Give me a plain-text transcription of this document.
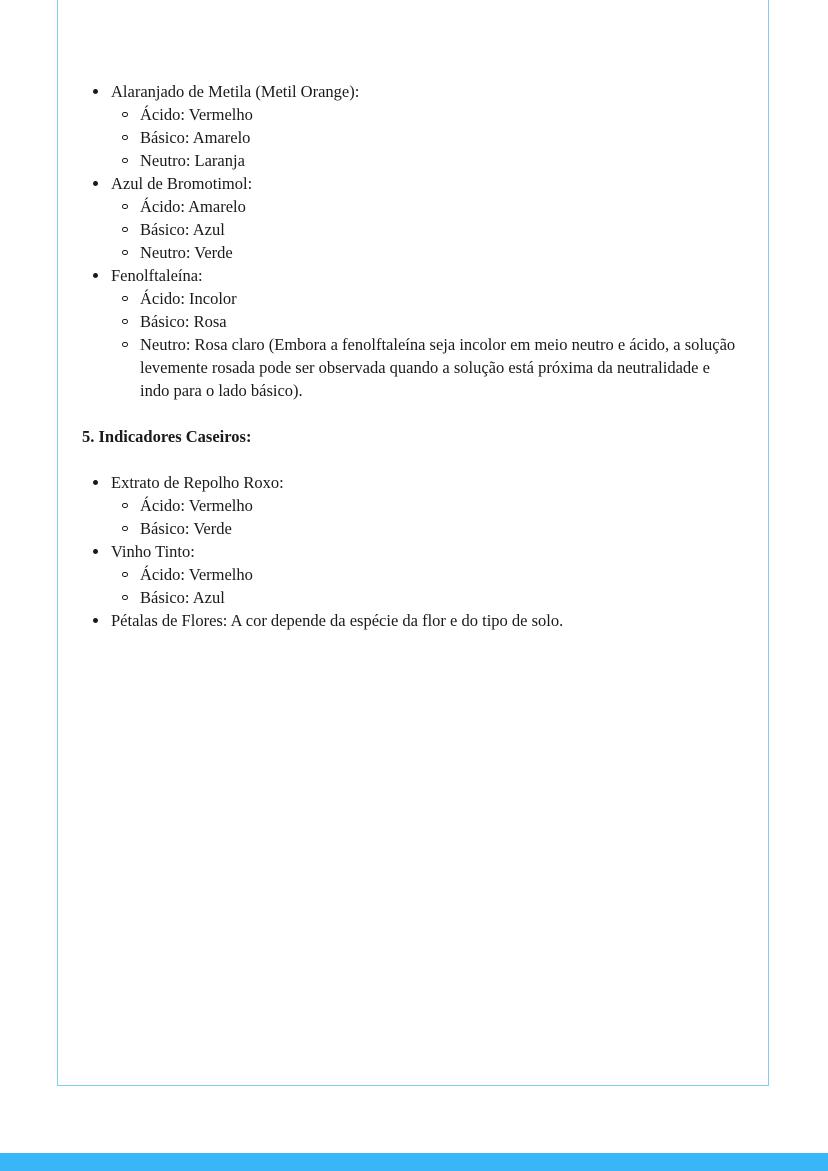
Alaranjado de Metila (Metil Orange):
Ácido: Vermelho
Básico: Amarelo
Neutro: Laranja
Azul de Bromotimol:
Ácido: Amarelo
Básico: Azul
Neutro: Verde
Fenolftaleína:
Ácido: Incolor
Básico: Rosa
Neutro: Rosa claro (Embora a fenolftaleína seja incolor em meio neutro e ácido, a solução levemente rosada pode ser observada quando a solução está próxima da neutralidade e indo para o lado básico).
5. Indicadores Caseiros:
Extrato de Repolho Roxo:
Ácido: Vermelho
Básico: Verde
Vinho Tinto:
Ácido: Vermelho
Básico: Azul
Pétalas de Flores: A cor depende da espécie da flor e do tipo de solo.
